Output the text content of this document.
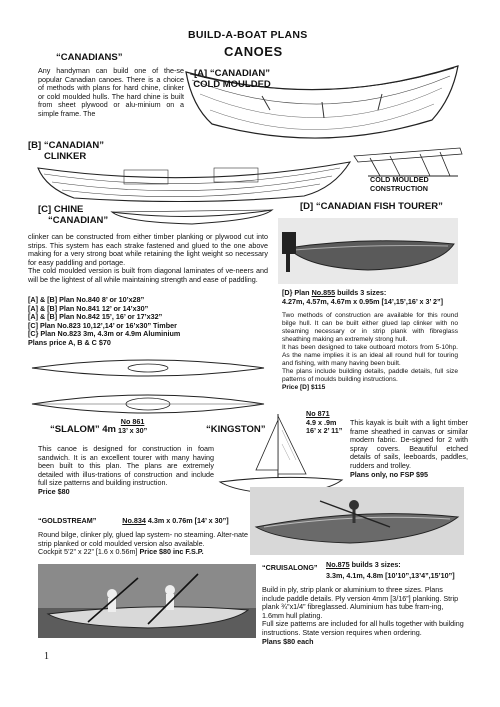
BUILD-A-BOAT PLANS
CANOES
“CANADIANS”
Any handyman can build one of the-se popular Canadian canoes. There is a choice of methods with plans for hard chine, clinker or cold moulded hulls. The hard chine is built from sheet plywood or alu-minium on a simple frame. The
[A] “CANADIAN”
COLD MOULDED
[B] “CANADIAN”
CLINKER
COLD MOULDED
CONSTRUCTION
[C] CHINE
“CANADIAN”
[D] “CANADIAN FISH TOURER”
clinker can be constructed from either timber planking or plywood cut into strips. This system has each strake fastened and glued to the one above making for a very strong boat while retaining the light weight so necessary for easy paddling and portage.
The cold moulded version is built from diagonal laminates of ve-neers and will be the lightest of all while maintaining strength and ease of paddling.
[A] & [B] Plan No.840 8’ or 10’x28”
[A] & [B] Plan No.841 12’ or 14’x30”
[A] & [B] Plan No.842 15’, 16’ or 17’x32”
[C] Plan No.823 10,12’,14’ or 16’x30” Timber
[C} Plan No.823 3m, 4.3m or 4.9m Aluminium
Plans price A, B & C $70
[D} Plan No.855 builds 3 sizes:
4.27m, 4.57m, 4.67m x 0.95m [14’,15’,16’ x 3’ 2”]
Two methods of construction are available for this round bilge hull. It can be built either glued lap clinker with no steaming necessary or in strip plank with fibreglass sheathing making an extremely strong hull.
It has been designed to take outboard motors from 5-10hp. As the name implies it is an ideal all round hull for touring and fishing, with many having been built.
The plans include building details, paddle details, full size patterns of moulds building instructions.
Price [D] $115
“SLALOM” 4m
No 861
13’ x 30”
This canoe is designed for construction in foam sandwich. It is an excellent tourer with many having been built to this plan. The plans are extremely detailed with illus-trations of construction and include full size patterns and building instruction.
Price $80
“KINGSTON”
No 871
4.9 x .9m
16’ x 2’ 11”
This kayak is built with a light timber frame sheathed in canvas or similar modern fabric. De-signed for 2 with spray covers. Beautiful etched details of sails, leeboards, paddles, rudders and trolley.
Plans only, no FSP $95
“GOLDSTREAM”	No.834 4.3m x 0.76m [14’ x 30”]
Round bilge, clinker ply, glued lap system- no steaming. Alter-nate strip planked or cold moulded version also available.
Cockpit 5’2” x 22” [1.6 x 0.56m] Price $80 inc F.S.P.
“CRUISALONG” No.875 builds 3 sizes:
3.3m, 4.1m, 4.8m [10’10”,13’4”,15’10”]
Build in ply, strip plank or aluminium to three sizes. Plans include paddle details. Ply version 4mm [3/16”] planking. Strip plank ¾”x1/4” fibreglassed. Aluminium has tube fram-ing, 1.6mm hull plating.
Full size patterns are included for all hulls together with building instructions. State version requires when ordering.
Plans $80 each
1
